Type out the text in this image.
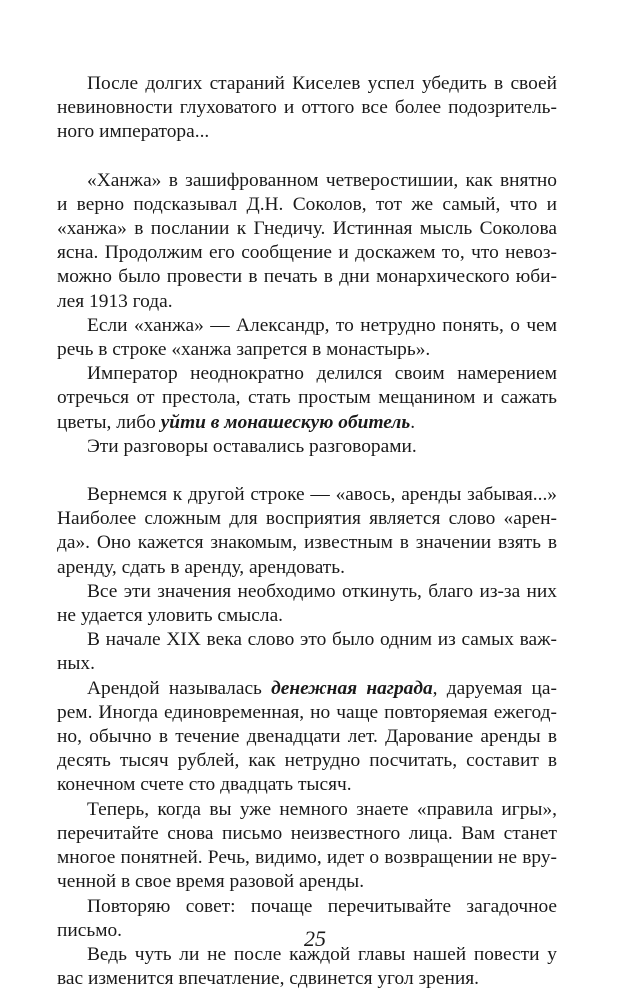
После долгих стараний Киселев успел убедить в своей невиновности глуховатого и оттого все более подозрительного императора...

«Ханжа» в зашифрованном четверостишии, как внятно и верно подсказывал Д.Н. Соколов, тот же самый, что и «ханжа» в послании к Гнедичу. Истинная мысль Соколова ясна. Продолжим его сообщение и доскажем то, что невозможно было провести в печать в дни монархического юбилея 1913 года.

Если «ханжа» — Александр, то нетрудно понять, о чем речь в строке «ханжа запрется в монастырь».

Император неоднократно делился своим намерением отречься от престола, стать простым мещанином и сажать цветы, либо уйти в монашескую обитель.

Эти разговоры оставались разговорами.

Вернемся к другой строке — «авось, аренды забывая...» Наиболее сложным для восприятия является слово «аренда». Оно кажется знакомым, известным в значении взять в аренду, сдать в аренду, арендовать.

Все эти значения необходимо откинуть, благо из-за них не удается уловить смысла.

В начале XIX века слово это было одним из самых важных.

Арендой называлась денежная награда, даруемая царем. Иногда единовременная, но чаще повторяемая ежегодно, обычно в течение двенадцати лет. Дарование аренды в десять тысяч рублей, как нетрудно посчитать, составит в конечном счете сто двадцать тысяч.

Теперь, когда вы уже немного знаете «правила игры», перечитайте снова письмо неизвестного лица. Вам станет многое понятней. Речь, видимо, идет о возвращении не врученной в свое время разовой аренды.

Повторяю совет: почаще перечитывайте загадочное письмо.

Ведь чуть ли не после каждой главы нашей повести у вас изменится впечатление, сдвинется угол зрения.

25
